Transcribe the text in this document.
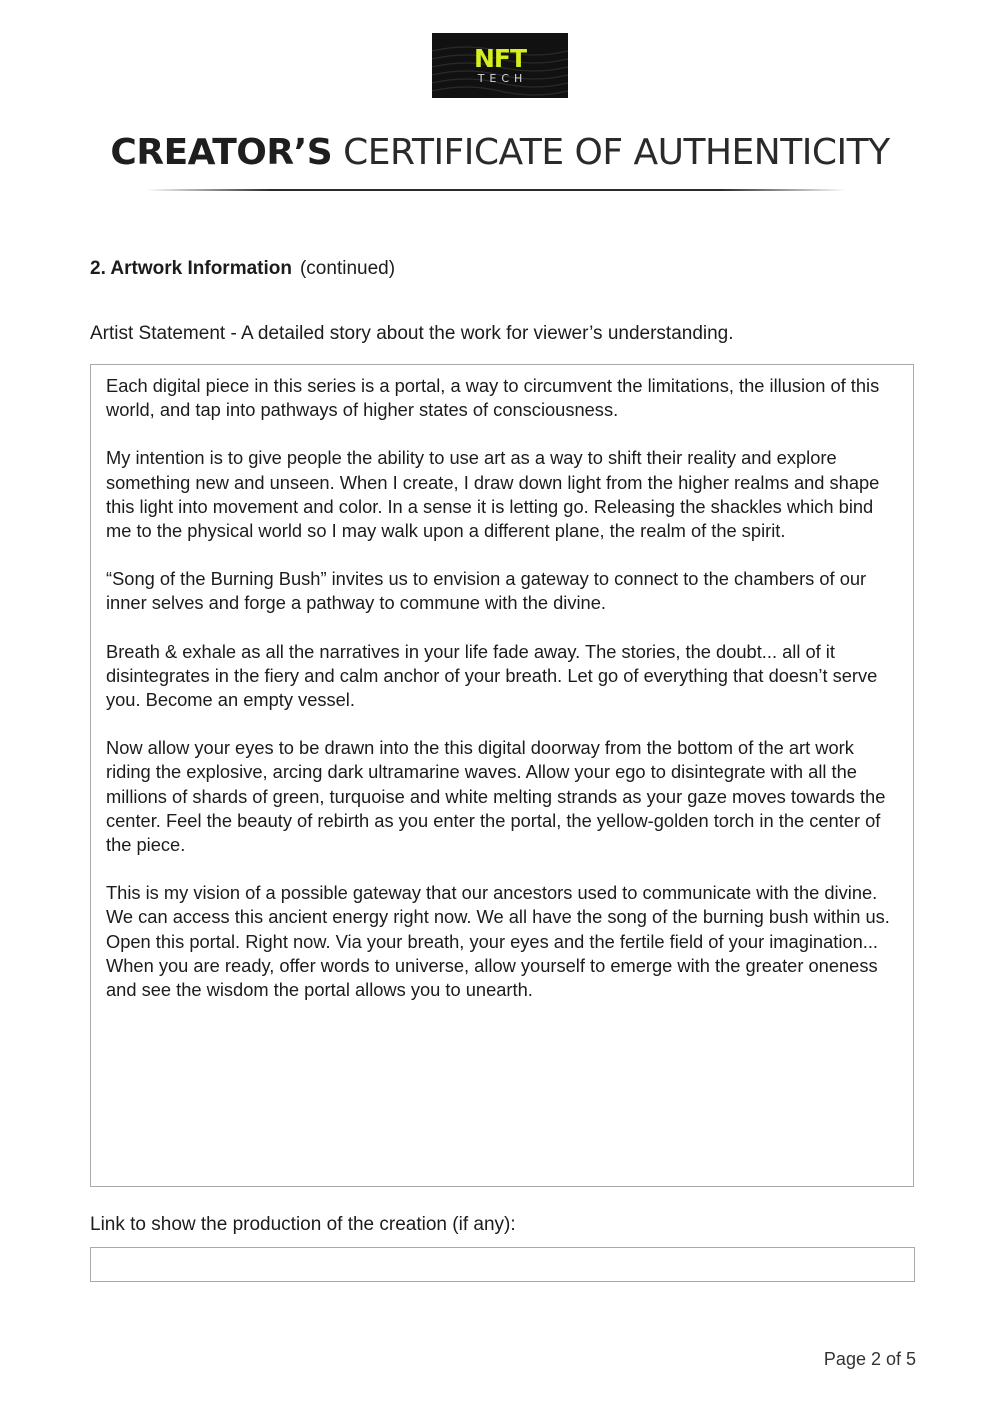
NFT
TECH
CREATOR’S CERTIFICATE OF AUTHENTICITY
2. Artwork Information (continued)
Artist Statement - A detailed story about the work for viewer’s understanding.

Each digital piece in this series is a portal, a way to circumvent the limitations, the illusion of this world, and tap into pathways of higher states of consciousness.

My intention is to give people the ability to use art as a way to shift their reality and explore something new and unseen. When I create, I draw down light from the higher realms and shape this light into movement and color. In a sense it is letting go. Releasing the shackles which bind me to the physical world so I may walk upon a different plane, the realm of the spirit.

“Song of the Burning Bush” invites us to envision a gateway to connect to the chambers of our inner selves and forge a pathway to commune with the divine.

Breath & exhale as all the narratives in your life fade away. The stories, the doubt... all of it disintegrates in the fiery and calm anchor of your breath. Let go of everything that doesn’t serve you. Become an empty vessel.

Now allow your eyes to be drawn into the this digital doorway from the bottom of the art work riding the explosive, arcing dark ultramarine waves. Allow your ego to disintegrate with all the millions of shards of green, turquoise and white melting strands as your gaze moves towards the center. Feel the beauty of rebirth as you enter the portal, the yellow-golden torch in the center of the piece.

This is my vision of a possible gateway that our ancestors used to communicate with the divine. We can access this ancient energy right now. We all have the song of the burning bush within us. Open this portal. Right now. Via your breath, your eyes and the fertile field of your imagination... When you are ready, offer words to universe, allow yourself to emerge with the greater oneness and see the wisdom the portal allows you to unearth.

Link to show the production of the creation (if any):
Page 2 of 5
